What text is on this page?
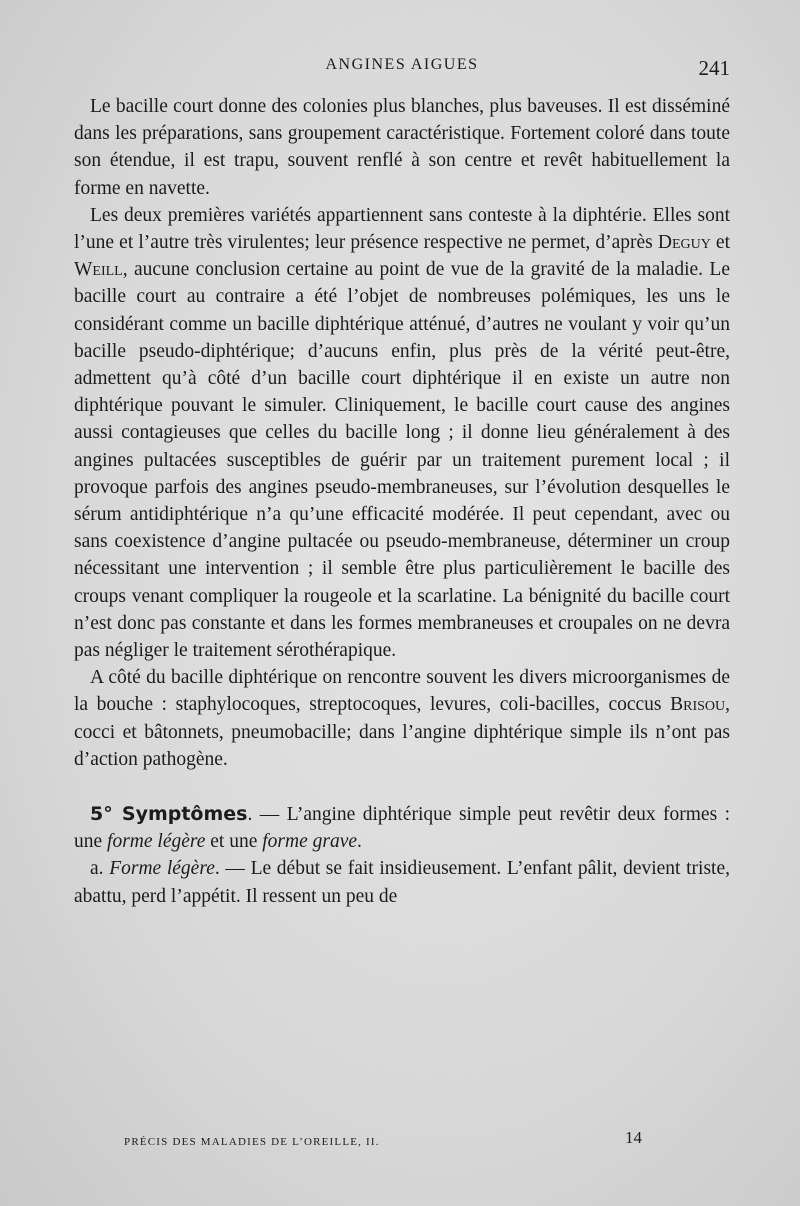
ANGINES AIGUES	241

Le bacille court donne des colonies plus blanches, plus baveuses. Il est disséminé dans les préparations, sans groupement caractéristique. Fortement coloré dans toute son étendue, il est trapu, souvent renflé à son centre et revêt habituellement la forme en navette.

Les deux premières variétés appartiennent sans conteste à la diphtérie. Elles sont l’une et l’autre très virulentes; leur présence respective ne permet, d’après Deguy et Weill, aucune conclusion certaine au point de vue de la gravité de la maladie. Le bacille court au contraire a été l’objet de nombreuses polémiques, les uns le considérant comme un bacille diphtérique atténué, d’autres ne voulant y voir qu’un bacille pseudo-diphtérique; d’aucuns enfin, plus près de la vérité peut-être, admettent qu’à côté d’un bacille court diphtérique il en existe un autre non diphtérique pouvant le simuler. Cliniquement, le bacille court cause des angines aussi contagieuses que celles du bacille long ; il donne lieu généralement à des angines pultacées susceptibles de guérir par un traitement purement local ; il provoque parfois des angines pseudo-membraneuses, sur l’évolution desquelles le sérum antidiphtérique n’a qu’une efficacité modérée. Il peut cependant, avec ou sans coexistence d’angine pultacée ou pseudo-membraneuse, déterminer un croup nécessitant une intervention ; il semble être plus particulièrement le bacille des croups venant compliquer la rougeole et la scarlatine. La bénignité du bacille court n’est donc pas constante et dans les formes membraneuses et croupales on ne devra pas négliger le traitement sérothérapique.

A côté du bacille diphtérique on rencontre souvent les divers microorganismes de la bouche : staphylocoques, streptocoques, levures, coli-bacilles, coccus Brisou, cocci et bâtonnets, pneumobacille; dans l’angine diphtérique simple ils n’ont pas d’action pathogène.

5° Symptômes. — L’angine diphtérique simple peut revêtir deux formes : une forme légère et une forme grave.

a. Forme légère. — Le début se fait insidieusement. L’enfant pâlit, devient triste, abattu, perd l’appétit. Il ressent un peu de

PRÉCIS DES MALADIES DE L’OREILLE, II.	14
